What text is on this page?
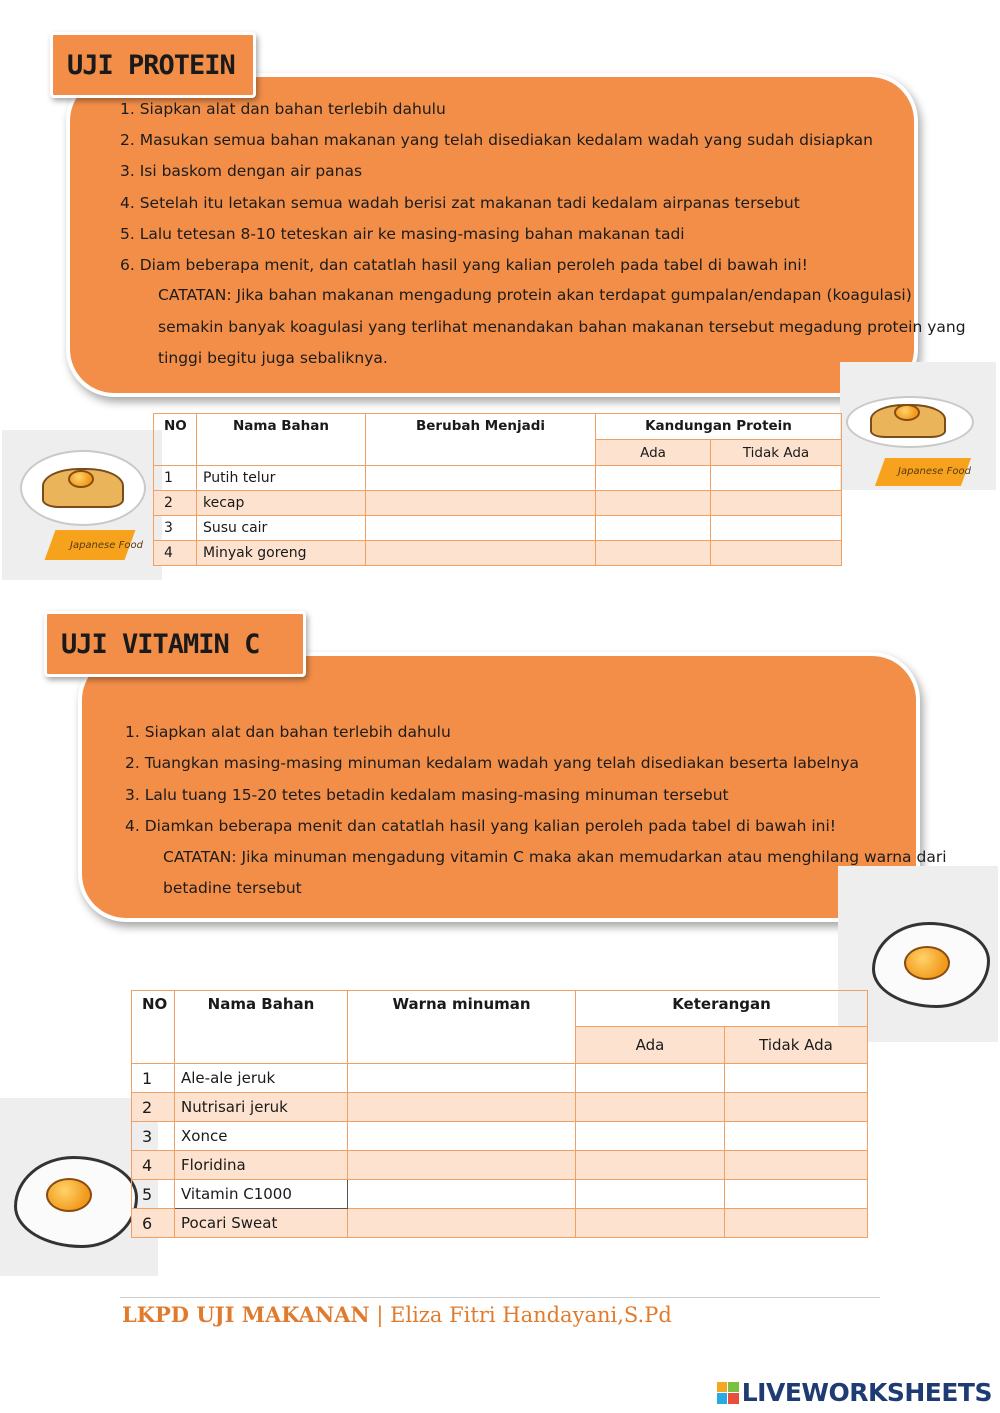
UJI PROTEIN
1. Siapkan alat dan bahan terlebih dahulu
2. Masukan semua bahan makanan yang telah disediakan kedalam wadah yang sudah disiapkan
3. Isi baskom dengan air panas
4. Setelah itu letakan semua wadah berisi zat makanan tadi kedalam airpanas tersebut
5. Lalu tetesan 8-10 teteskan air ke masing-masing bahan makanan tadi
6. Diam beberapa menit, dan catatlah hasil yang kalian peroleh pada tabel di bawah ini!
CATATAN: Jika bahan makanan mengadung protein akan terdapat gumpalan/endapan (koagulasi)
semakin banyak koagulasi yang terlihat menandakan bahan makanan tersebut megadung protein yang
tinggi begitu juga sebaliknya.
Japanese Food
Japanese Food
NO	Nama Bahan	Berubah Menjadi	Kandungan Protein	
			Ada	Tidak Ada
1	Putih telur			
2	kecap			
3	Susu cair			
4	Minyak goreng			
UJI VITAMIN C
1. Siapkan alat dan bahan terlebih dahulu
2. Tuangkan masing-masing minuman kedalam wadah yang telah disediakan beserta labelnya
3. Lalu tuang 15-20 tetes betadin kedalam masing-masing minuman tersebut
4. Diamkan beberapa menit dan catatlah hasil yang kalian peroleh pada tabel di bawah ini!
CATATAN: Jika minuman mengadung vitamin C maka akan memudarkan atau menghilang warna dari
betadine tersebut
NO	Nama Bahan	Warna minuman	Keterangan	
			Ada	Tidak Ada
1	Ale-ale jeruk			
2	Nutrisari jeruk			
3	Xonce			
4	Floridina			
5	Vitamin C1000			
6	Pocari Sweat			
LKPD UJI MAKANAN | Eliza Fitri Handayani,S.Pd
LIVEWORKSHEETS
